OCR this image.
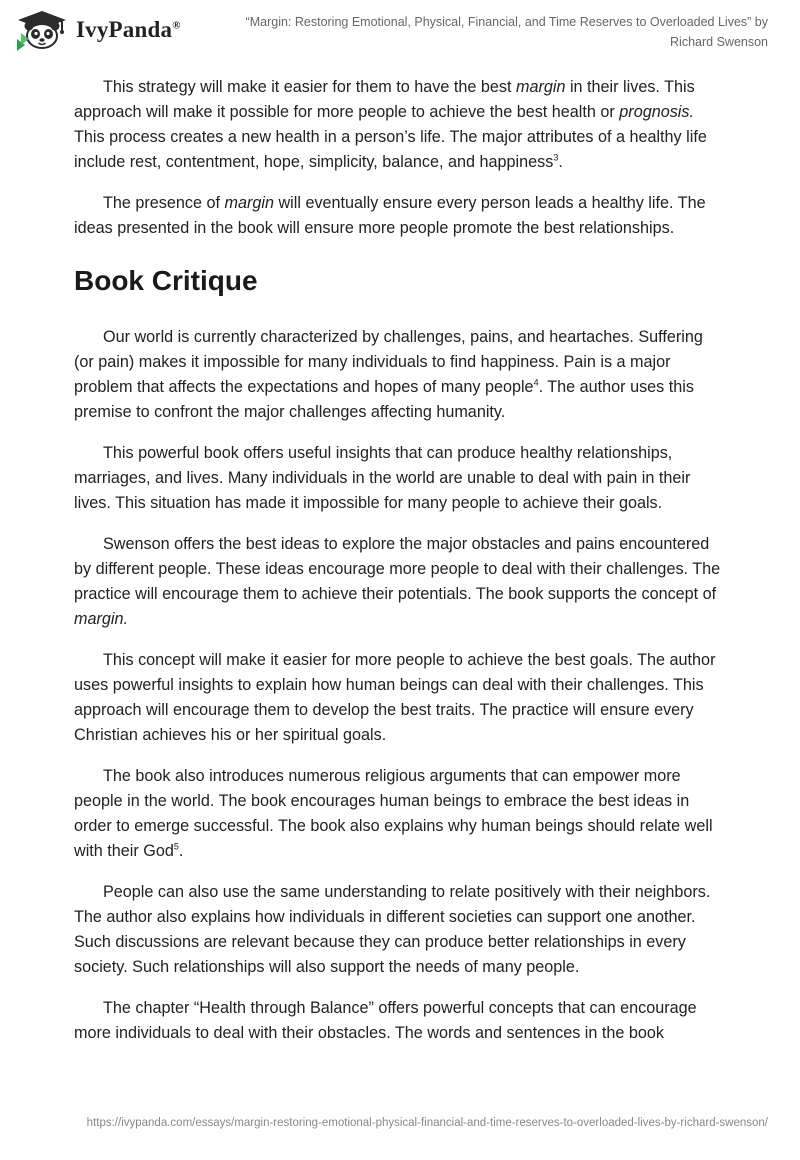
IvyPanda®	“Margin: Restoring Emotional, Physical, Financial, and Time Reserves to Overloaded Lives” by Richard Swenson

This strategy will make it easier for them to have the best margin in their lives. This approach will make it possible for more people to achieve the best health or prognosis. This process creates a new health in a person’s life. The major attributes of a healthy life include rest, contentment, hope, simplicity, balance, and happiness$^3$.

The presence of margin will eventually ensure every person leads a healthy life. The ideas presented in the book will ensure more people promote the best relationships.

Book Critique

Our world is currently characterized by challenges, pains, and heartaches. Suffering (or pain) makes it impossible for many individuals to find happiness. Pain is a major problem that affects the expectations and hopes of many people$^4$. The author uses this premise to confront the major challenges affecting humanity.

This powerful book offers useful insights that can produce healthy relationships, marriages, and lives. Many individuals in the world are unable to deal with pain in their lives. This situation has made it impossible for many people to achieve their goals.

Swenson offers the best ideas to explore the major obstacles and pains encountered by different people. These ideas encourage more people to deal with their challenges. The practice will encourage them to achieve their potentials. The book supports the concept of margin.

This concept will make it easier for more people to achieve the best goals. The author uses powerful insights to explain how human beings can deal with their challenges. This approach will encourage them to develop the best traits. The practice will ensure every Christian achieves his or her spiritual goals.

The book also introduces numerous religious arguments that can empower more people in the world. The book encourages human beings to embrace the best ideas in order to emerge successful. The book also explains why human beings should relate well with their God$^5$.

People can also use the same understanding to relate positively with their neighbors. The author also explains how individuals in different societies can support one another. Such discussions are relevant because they can produce better relationships in every society. Such relationships will also support the needs of many people.

The chapter “Health through Balance” offers powerful concepts that can encourage more individuals to deal with their obstacles. The words and sentences in the book

https://ivypanda.com/essays/margin-restoring-emotional-physical-financial-and-time-reserves-to-overloaded-lives-by-richard-swenson/
